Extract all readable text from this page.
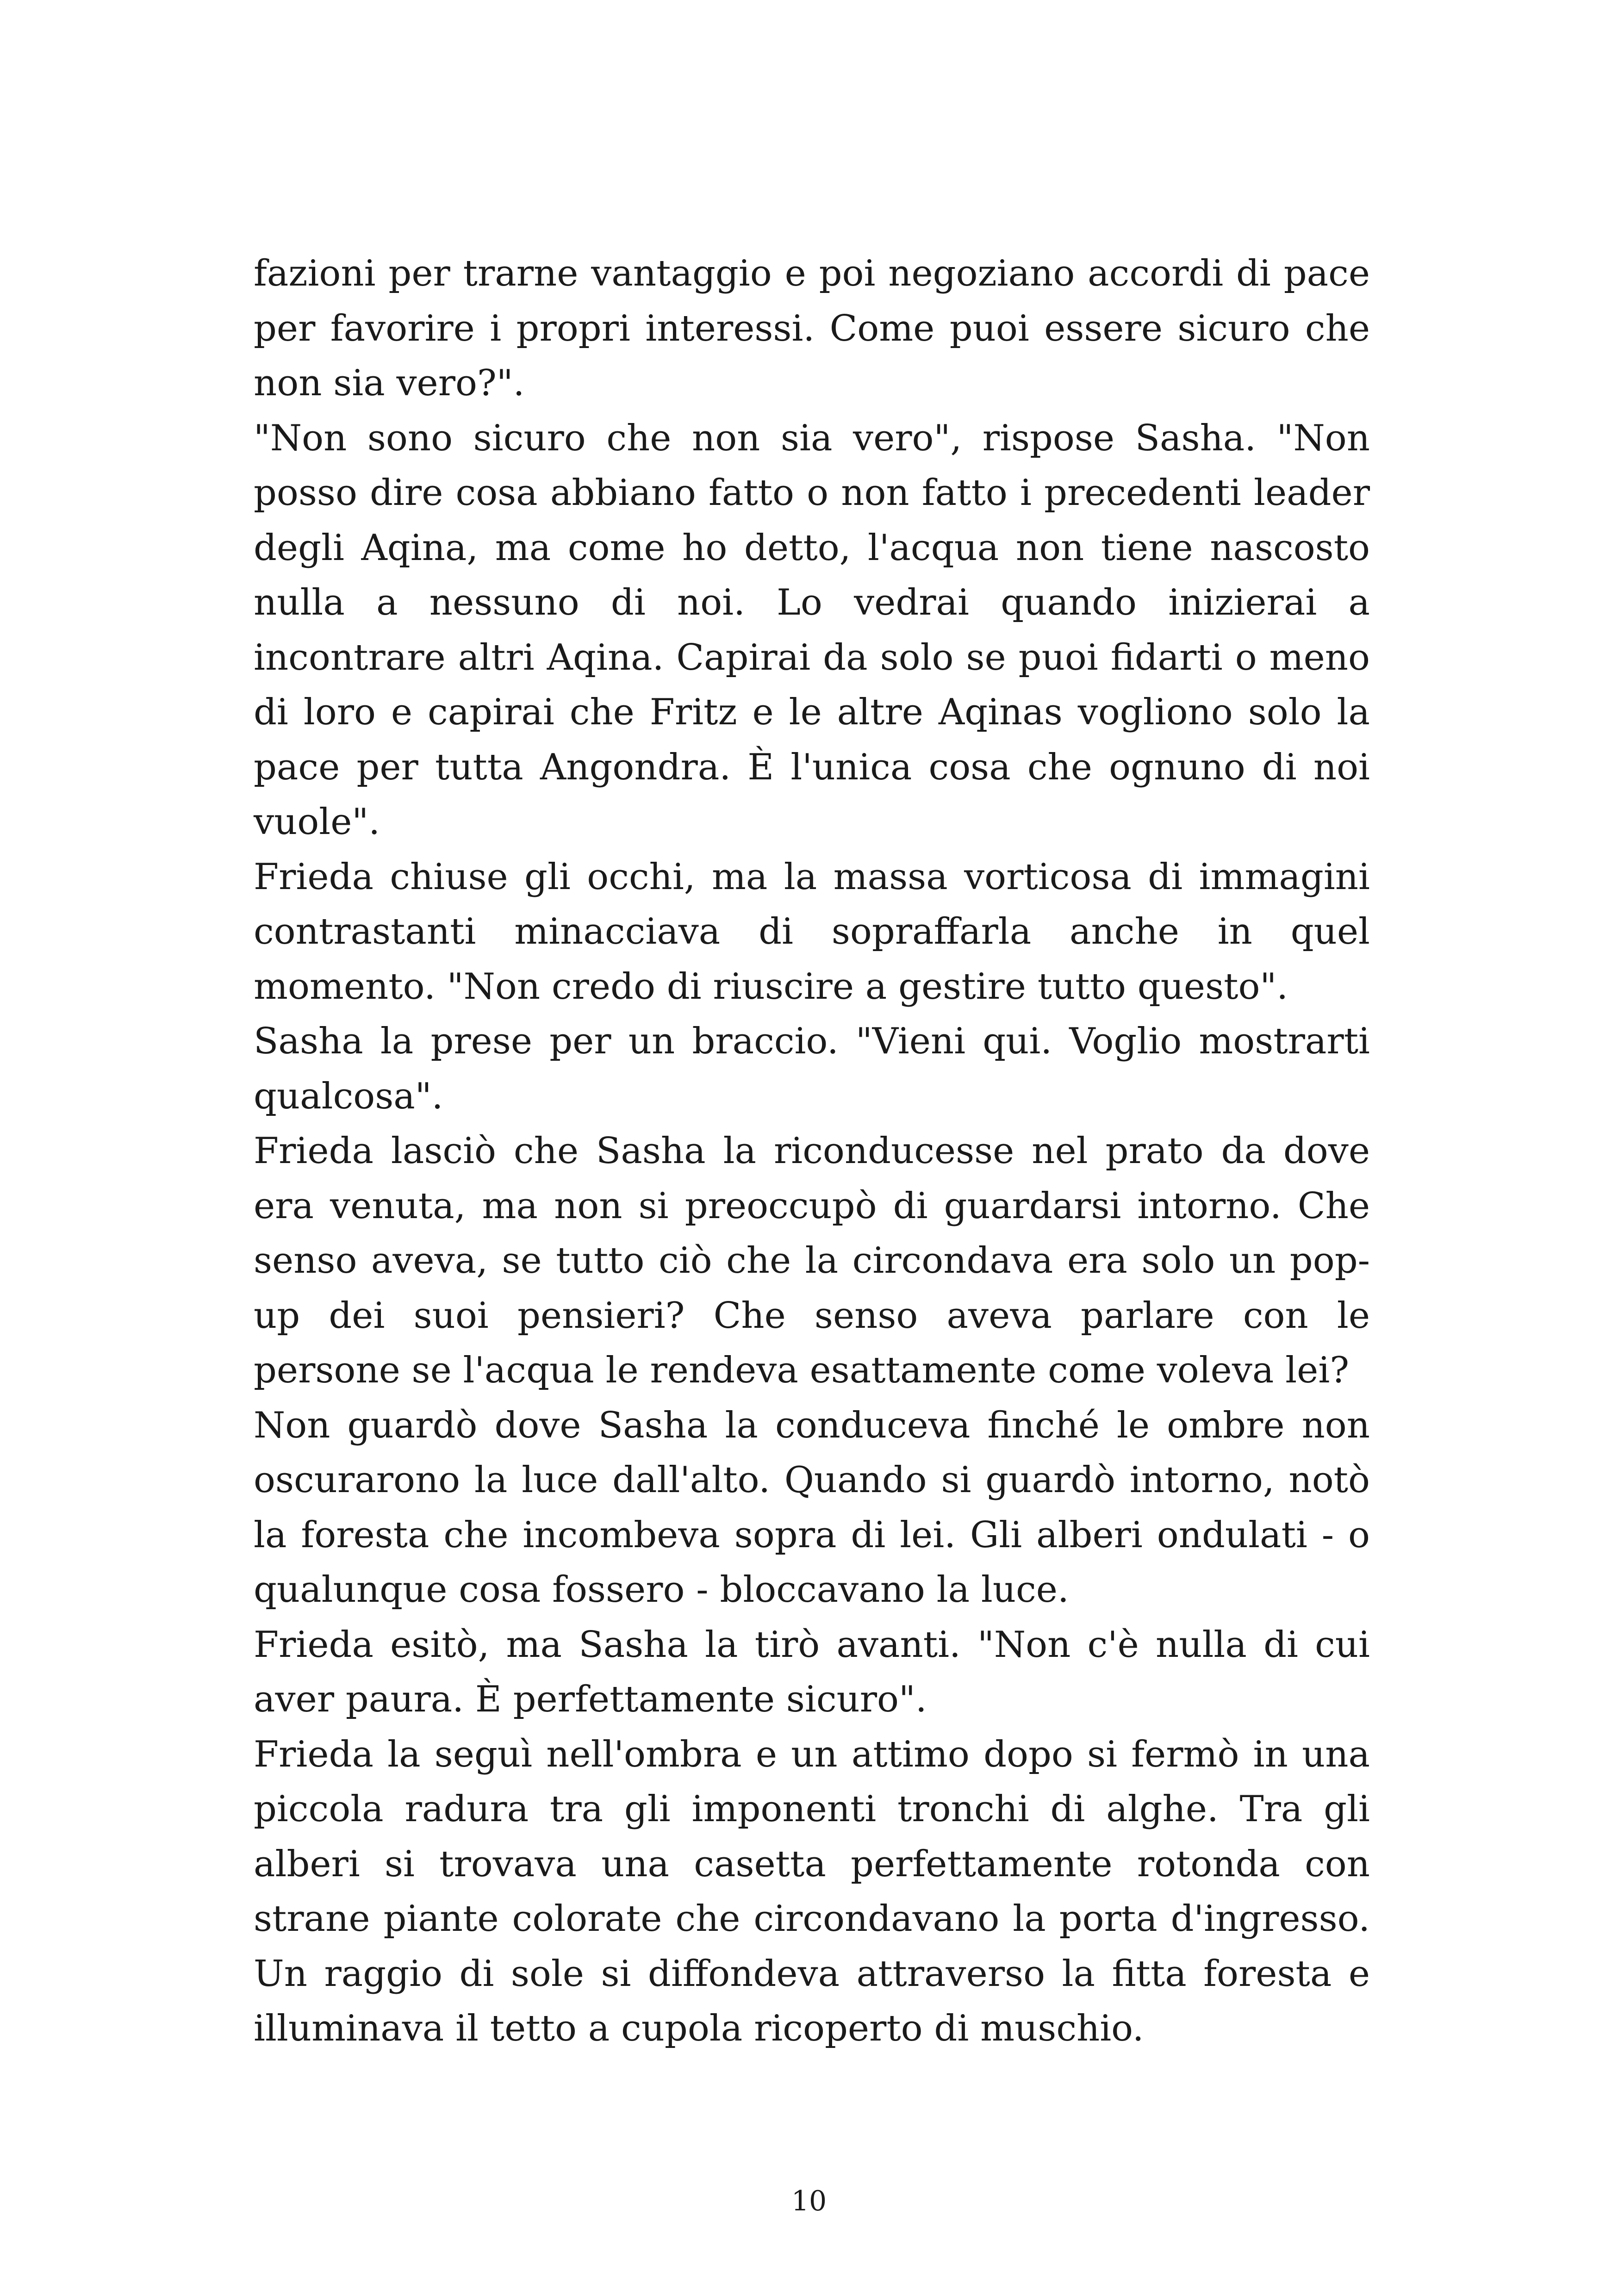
fazioni per trarne vantaggio e poi negoziano accordi di pace per favorire i propri interessi. Come puoi essere sicuro che non sia vero?".

"Non sono sicuro che non sia vero", rispose Sasha. "Non posso dire cosa abbiano fatto o non fatto i precedenti leader degli Aqina, ma come ho detto, l'acqua non tiene nascosto nulla a nessuno di noi. Lo vedrai quando inizierai a incontrare altri Aqina. Capirai da solo se puoi fidarti o meno di loro e capirai che Fritz e le altre Aqinas vogliono solo la pace per tutta Angondra. È l'unica cosa che ognuno di noi vuole".

Frieda chiuse gli occhi, ma la massa vorticosa di immagini contrastanti minacciava di sopraffarla anche in quel momento. "Non credo di riuscire a gestire tutto questo".

Sasha la prese per un braccio. "Vieni qui. Voglio mostrarti qualcosa".

Frieda lasciò che Sasha la riconducesse nel prato da dove era venuta, ma non si preoccupò di guardarsi intorno. Che senso aveva, se tutto ciò che la circondava era solo un pop-up dei suoi pensieri? Che senso aveva parlare con le persone se l'acqua le rendeva esattamente come voleva lei?

Non guardò dove Sasha la conduceva finché le ombre non oscurarono la luce dall'alto. Quando si guardò intorno, notò la foresta che incombeva sopra di lei. Gli alberi ondulati - o qualunque cosa fossero - bloccavano la luce.

Frieda esitò, ma Sasha la tirò avanti. "Non c'è nulla di cui aver paura. È perfettamente sicuro".

Frieda la seguì nell'ombra e un attimo dopo si fermò in una piccola radura tra gli imponenti tronchi di alghe. Tra gli alberi si trovava una casetta perfettamente rotonda con strane piante colorate che circondavano la porta d'ingresso. Un raggio di sole si diffondeva attraverso la fitta foresta e illuminava il tetto a cupola ricoperto di muschio.

10
